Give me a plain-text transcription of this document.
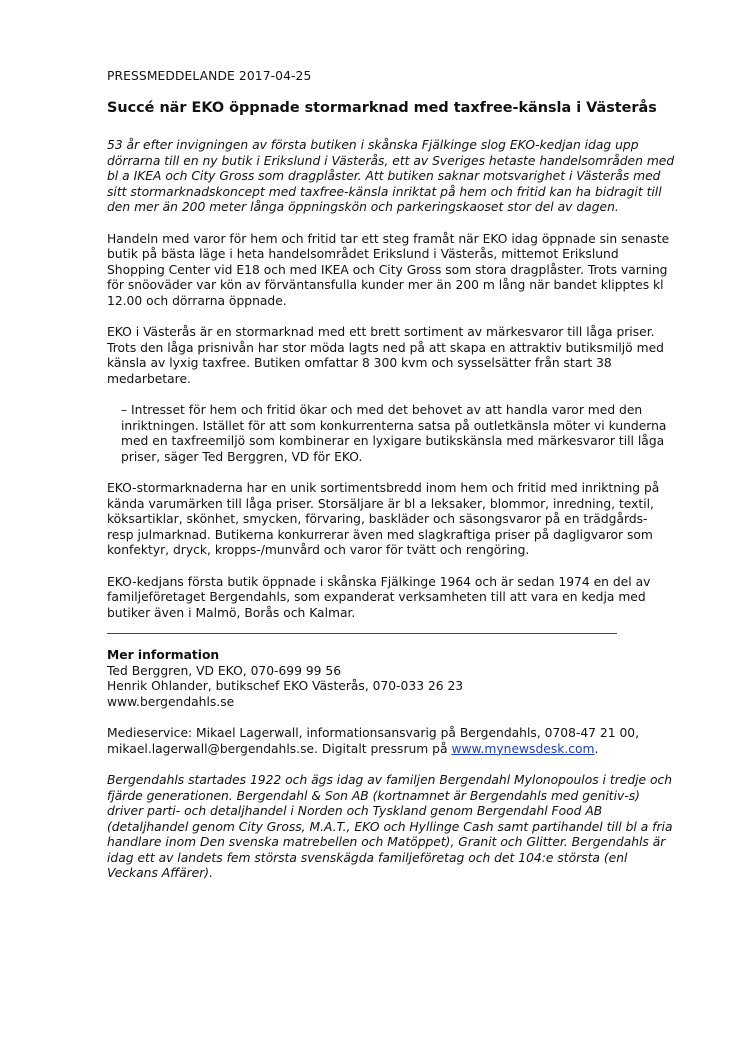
PRESSMEDDELANDE 2017-04-25
Succé när EKO öppnade stormarknad med taxfree-känsla i Västerås

53 år efter invigningen av första butiken i skånska Fjälkinge slog EKO-kedjan idag upp dörrarna till en ny butik i Erikslund i Västerås, ett av Sveriges hetaste handelsområden med bl a IKEA och City Gross som dragplåster. Att butiken saknar motsvarighet i Västerås med sitt stormarknadskoncept med taxfree-känsla inriktat på hem och fritid kan ha bidragit till den mer än 200 meter långa öppningskön och parkeringskaoset stor del av dagen.

Handeln med varor för hem och fritid tar ett steg framåt när EKO idag öppnade sin senaste butik på bästa läge i heta handelsområdet Erikslund i Västerås, mittemot Erikslund Shopping Center vid E18 och med IKEA och City Gross som stora dragplåster. Trots varning för snöoväder var kön av förväntansfulla kunder mer än 200 m lång när bandet klipptes kl 12.00 och dörrarna öppnade.

EKO i Västerås är en stormarknad med ett brett sortiment av märkesvaror till låga priser. Trots den låga prisnivån har stor möda lagts ned på att skapa en attraktiv butiksmiljö med känsla av lyxig taxfree. Butiken omfattar 8 300 kvm och sysselsätter från start 38 medarbetare.

– Intresset för hem och fritid ökar och med det behovet av att handla varor med den inriktningen. Istället för att som konkurrenterna satsa på outletkänsla möter vi kunderna med en taxfreemiljö som kombinerar en lyxigare butikskänsla med märkesvaror till låga priser, säger Ted Berggren, VD för EKO.

EKO-stormarknaderna har en unik sortimentsbredd inom hem och fritid med inriktning på kända varumärken till låga priser. Storsäljare är bl a leksaker, blommor, inredning, textil, köksartiklar, skönhet, smycken, förvaring, baskläder och säsongsvaror på en trädgårds- resp julmarknad. Butikerna konkurrerar även med slagkraftiga priser på dagligvaror som konfektyr, dryck, kropps-/munvård och varor för tvätt och rengöring.

EKO-kedjans första butik öppnade i skånska Fjälkinge 1964 och är sedan 1974 en del av familjeföretaget Bergendahls, som expanderat verksamheten till att vara en kedja med butiker även i Malmö, Borås och Kalmar.

Mer information

Ted Berggren, VD EKO, 070-699 99 56

Henrik Ohlander, butikschef EKO Västerås, 070-033 26 23

www.bergendahls.se

Medieservice: Mikael Lagerwall, informationsansvarig på Bergendahls, 0708-47 21 00, mikael.lagerwall@bergendahls.se. Digitalt pressrum på www.mynewsdesk.com.

Bergendahls startades 1922 och ägs idag av familjen Bergendahl Mylonopoulos i tredje och fjärde generationen. Bergendahl & Son AB (kortnamnet är Bergendahls med genitiv-s) driver parti- och detaljhandel i Norden och Tyskland genom Bergendahl Food AB (detaljhandel genom City Gross, M.A.T., EKO och Hyllinge Cash samt partihandel till bl a fria handlare inom Den svenska matrebellen och Matöppet), Granit och Glitter. Bergendahls är idag ett av landets fem största svenskägda familjeföretag och det 104:e största (enl Veckans Affärer).
